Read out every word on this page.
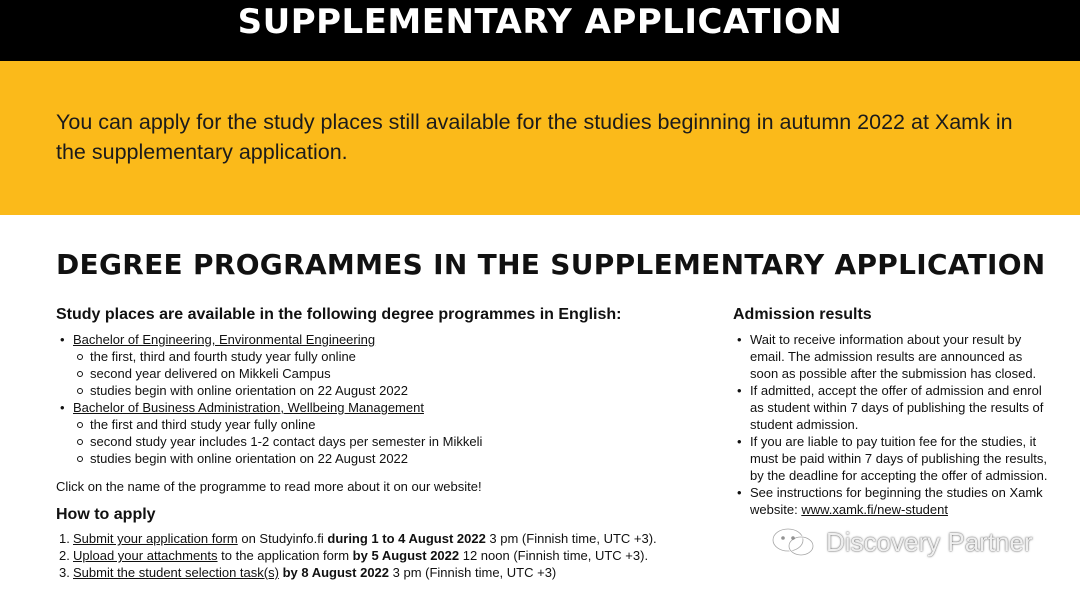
SUPPLEMENTARY APPLICATION

You can apply for the study places still available for the studies beginning in autumn 2022 at Xamk in the supplementary application.

DEGREE PROGRAMMES IN THE SUPPLEMENTARY APPLICATION
Study places are available in the following degree programmes in English:
• Bachelor of Engineering, Environmental Engineering
the first, third and fourth study year fully online
second year delivered on Mikkeli Campus
studies begin with online orientation on 22 August 2022
• Bachelor of Business Administration, Wellbeing Management
the first and third study year fully online
second study year includes 1-2 contact days per semester in Mikkeli
studies begin with online orientation on 22 August 2022

Click on the name of the programme to read more about it on our website!

How to apply
1. Submit your application form on Studyinfo.fi during 1 to 4 August 2022 3 pm (Finnish time, UTC +3).
2. Upload your attachments to the application form by 5 August 2022 12 noon (Finnish time, UTC +3).
3. Submit the student selection task(s) by 8 August 2022 3 pm (Finnish time, UTC +3)
Admission results
• Wait to receive information about your result by email. The admission results are announced as soon as possible after the submission has closed.
• If admitted, accept the offer of admission and enrol as student within 7 days of publishing the results of student admission.
• If you are liable to pay tuition fee for the studies, it must be paid within 7 days of publishing the results, by the deadline for accepting the offer of admission.
• See instructions for beginning the studies on Xamk website: www.xamk.fi/new-student
Discovery Partner
